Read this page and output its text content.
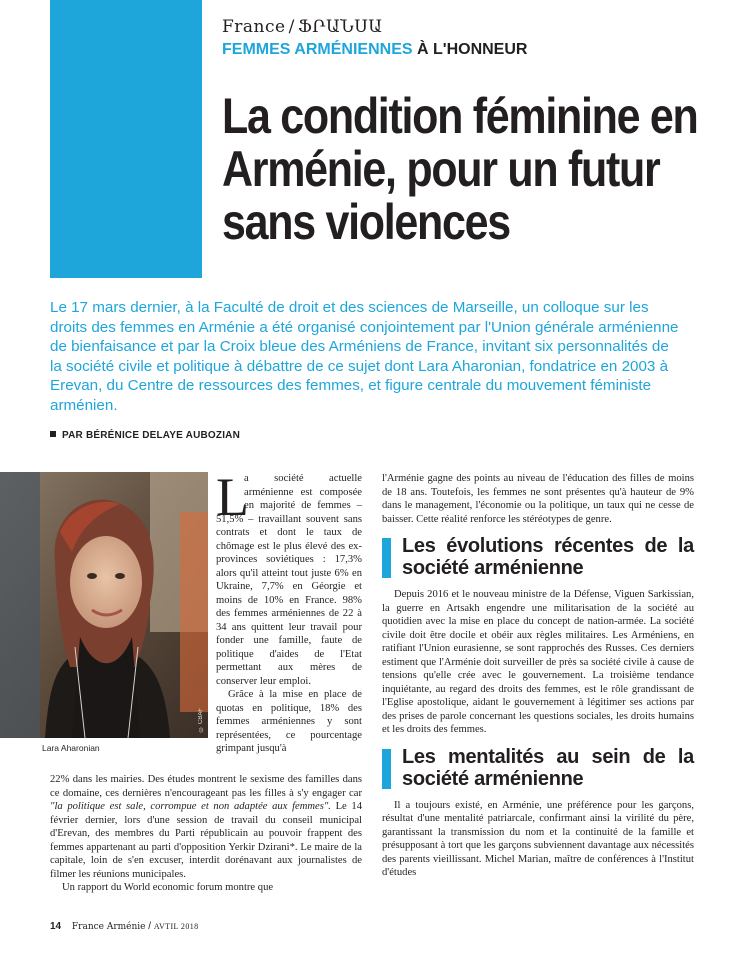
France / ՖՐԱՆՍԱ
FEMMES ARMÉNIENNES À L'HONNEUR
La condition féminine en Arménie, pour un futur sans violences

Le 17 mars dernier, à la Faculté de droit et des sciences de Marseille, un colloque sur les droits des femmes en Arménie a été organisé conjointement par l'Union générale arménienne de bienfaisance et par la Croix bleue des Arméniens de France, invitant six personnalités de la société civile et politique à débattre de ce sujet dont Lara Aharonian, fondatrice en 2003 à Erevan, du Centre de ressources des femmes, et figure centrale du mouvement féministe arménien.

PAR BÉRÉNICE DELAYE AUBOZIAN
© CBAF
Lara Aharonian
L

a société actuelle arménienne est composée en majorité de femmes – 51,5% – travaillant souvent sans contrats et dont le taux de chômage est le plus élevé des ex-provinces soviétiques : 17,3% alors qu'il atteint tout juste 6% en Ukraine, 7,7% en Géorgie et moins de 10% en France. 98% des femmes arméniennes de 22 à 34 ans quittent leur travail pour fonder une famille, faute de politique d'aides de l'Etat permettant aux mères de conserver leur emploi.

Grâce à la mise en place de quotas en politique, 18% des femmes arméniennes y sont représentées, ce pourcentage grimpant jusqu'à

22% dans les mairies. Des études montrent le sexisme des familles dans ce domaine, ces dernières n'encourageant pas les filles à s'y engager car "la politique est sale, corrompue et non adaptée aux femmes". Le 14 février dernier, lors d'une session de travail du conseil municipal d'Erevan, des membres du Parti républicain au pouvoir frappent des femmes appartenant au parti d'opposition Yerkir Dzirani*. Le maire de la capitale, loin de s'en excuser, interdit dorénavant aux journalistes de filmer les réunions municipales.

Un rapport du World economic forum montre que

l'Arménie gagne des points au niveau de l'éducation des filles de moins de 18 ans. Toutefois, les femmes ne sont présentes qu'à hauteur de 9% dans le management, l'économie ou la politique, un taux qui ne cesse de baisser. Cette réalité renforce les stéréotypes de genre.

Les évolutions récentes de la société arménienne

Depuis 2016 et le nouveau ministre de la Défense, Viguen Sarkissian, la guerre en Artsakh engendre une militarisation de la société au quotidien avec la mise en place du concept de nation-armée. La société civile doit être docile et obéir aux règles militaires. Les Arméniens, en ratifiant l'Union eurasienne, se sont rapprochés des Russes. Ces derniers estiment que l'Arménie doit surveiller de près sa société civile à cause de tensions qu'elle crée avec le gouvernement. La troisième tendance inquiétante, au regard des droits des femmes, est le rôle grandissant de l'Eglise apostolique, aidant le gouvernement à légitimer ses actions par des prises de parole concernant les questions sociales, les droits humains et les droits des femmes.

Les mentalités au sein de la société arménienne

Il a toujours existé, en Arménie, une préférence pour les garçons, résultat d'une mentalité patriarcale, confirmant ainsi la virilité du père, garantissant la transmission du nom et la continuité de la famille et présupposant à tort que les garçons subviennent davantage aux nécessités des parents vieillissant. Michel Marian, maître de conférences à l'Institut d'études

14 France Arménie / AVTIL 2018
